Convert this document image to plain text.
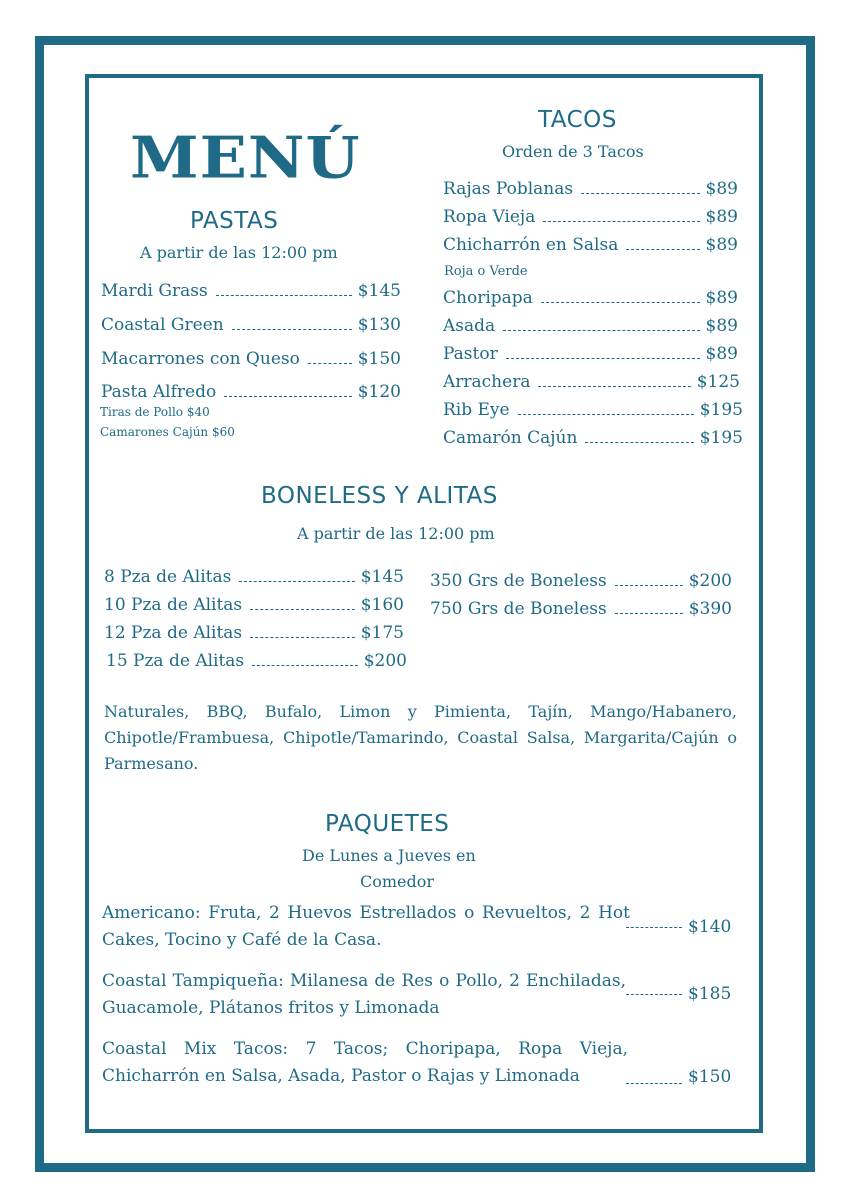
MENÚ
PASTAS
A partir de las 12:00 pm
Mardi Grass	$145
Coastal Green	$130
Macarrones con Queso	$150
Pasta Alfredo	$120
Tiras de Pollo $40
Camarones Cajún $60
TACOS
Orden de 3 Tacos
Rajas Poblanas	$89
Ropa Vieja	$89
Chicharrón en Salsa	$89
Roja o Verde
Choripapa	$89
Asada	$89
Pastor	$89
Arrachera	$125
Rib Eye	$195
Camarón Cajún	$195
BONELESS Y ALITAS
A partir de las 12:00 pm
8 Pza de Alitas	$145
10 Pza de Alitas	$160
12 Pza de Alitas	$175
15 Pza de Alitas	$200
350 Grs de Boneless	$200
750 Grs de Boneless	$390
Naturales, BBQ, Bufalo, Limon y Pimienta, Tajín, Mango/Habanero, Chipotle/Frambuesa, Chipotle/Tamarindo, Coastal Salsa, Margarita/Cajún o Parmesano.
PAQUETES
De Lunes a Jueves en
Comedor
Americano: Fruta, 2 Huevos Estrellados o Revueltos, 2 Hot Cakes, Tocino y Café de la Casa.
$140
Coastal Tampiqueña: Milanesa de Res o Pollo, 2 Enchiladas, Guacamole, Plátanos fritos y Limonada
$185
Coastal Mix Tacos: 7 Tacos; Choripapa, Ropa Vieja, Chicharrón en Salsa, Asada, Pastor o Rajas y Limonada	$150
